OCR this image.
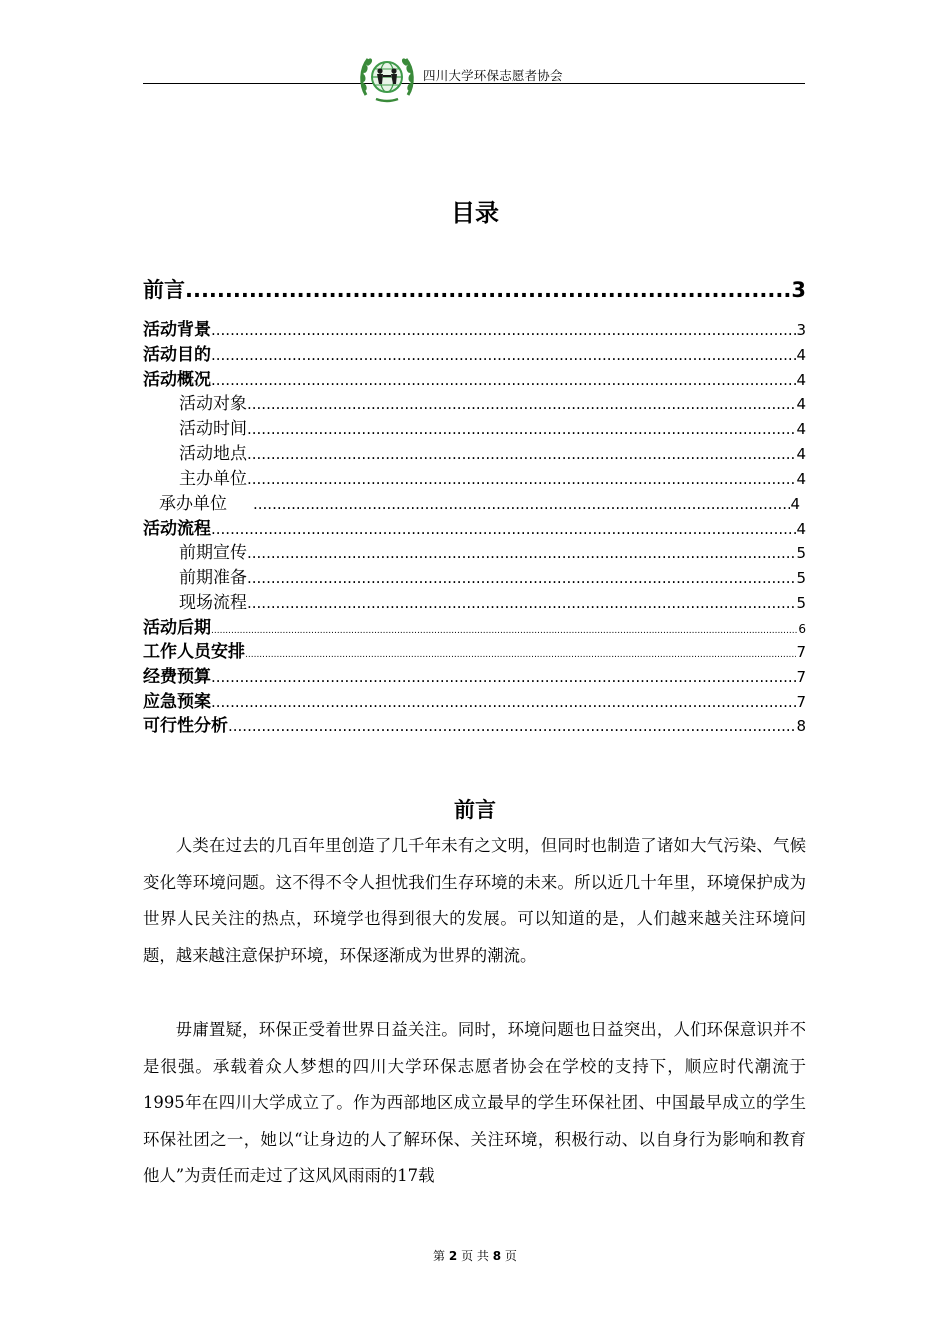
四川大学环保志愿者协会
目录
前言 .....	3
活动背景 .....	3
活动目的 .....	4
活动概况 .....	4
活动对象 .....	4
活动时间 .....	4
活动地点 .....	4
主办单位 .....	4
承办单位 .....	4
活动流程 .....	4
前期宣传 .....	5
前期准备 .....	5
现场流程 .....	5
活动后期 .....	6
工作人员安排 .....	7
经费预算 .....	7
应急预案 .....	7
可行性分析 .....	8
前言

人类在过去的几百年里创造了几千年未有之文明，但同时也制造了诸如大气污染、气候变化等环境问题。这不得不令人担忧我们生存环境的未来。所以近几十年里，环境保护成为世界人民关注的热点，环境学也得到很大的发展。可以知道的是，人们越来越关注环境问题，越来越注意保护环境，环保逐渐成为世界的潮流。

毋庸置疑，环保正受着世界日益关注。同时，环境问题也日益突出，人们环保意识并不是很强。承载着众人梦想的四川大学环保志愿者协会在学校的支持下，顺应时代潮流于1995年在四川大学成立了。作为西部地区成立最早的学生环保社团、中国最早成立的学生环保社团之一，她以“让身边的人了解环保、关注环境，积极行动、以自身行为影响和教育他人”为责任而走过了这风风雨雨的17载

第 2 页 共 8 页
